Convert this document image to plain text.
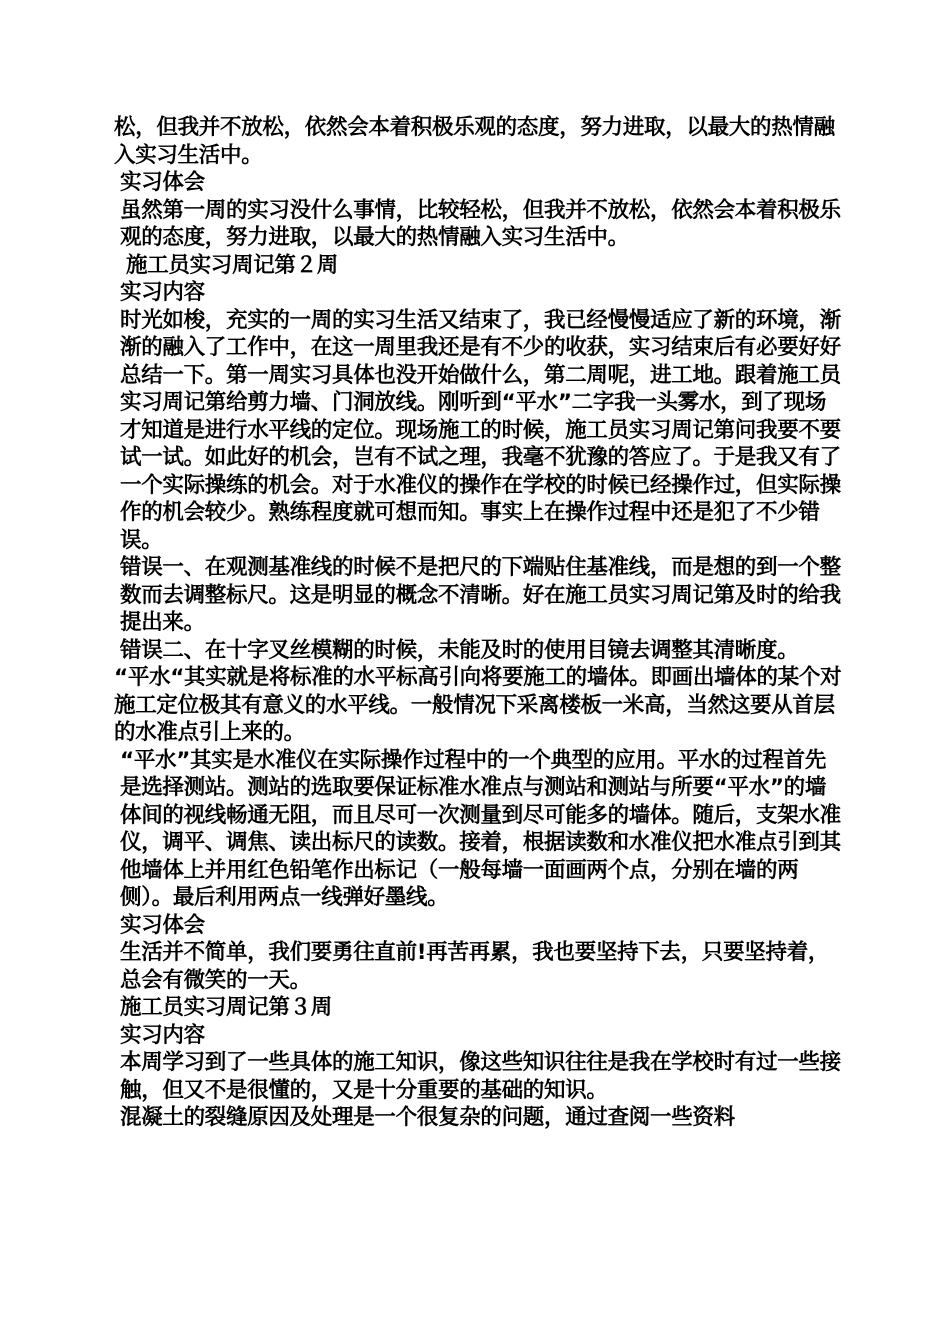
松，但我并不放松，依然会本着积极乐观的态度，努力进取，以最大的热情融入实习生活中。

实习体会

虽然第一周的实习没什么事情，比较轻松，但我并不放松，依然会本着积极乐观的态度，努力进取，以最大的热情融入实习生活中。

施工员实习周记第２周

实习内容

时光如梭，充实的一周的实习生活又结束了，我已经慢慢适应了新的环境，渐渐的融入了工作中，在这一周里我还是有不少的收获，实习结束后有必要好好总结一下。第一周实习具体也没开始做什么，第二周呢，进工地。跟着施工员实习周记第给剪力墙、门洞放线。刚听到“平水”二字我一头雾水，到了现场才知道是进行水平线的定位。现场施工的时候，施工员实习周记第问我要不要试一试。如此好的机会，岂有不试之理，我毫不犹豫的答应了。于是我又有了一个实际操练的机会。对于水准仪的操作在学校的时候已经操作过，但实际操作的机会较少。熟练程度就可想而知。事实上在操作过程中还是犯了不少错误。

错误一、在观测基准线的时候不是把尺的下端贴住基准线，而是想的到一个整数而去调整标尺。这是明显的概念不清晰。好在施工员实习周记第及时的给我提出来。

错误二、在十字叉丝模糊的时候，未能及时的使用目镜去调整其清晰度。

“平水“其实就是将标准的水平标高引向将要施工的墙体。即画出墙体的某个对施工定位极其有意义的水平线。一般情况下采离楼板一米高，当然这要从首层的水准点引上来的。

“平水”其实是水准仪在实际操作过程中的一个典型的应用。平水的过程首先是选择测站。测站的选取要保证标准水准点与测站和测站与所要“平水”的墙体间的视线畅通无阻，而且尽可一次测量到尽可能多的墙体。随后，支架水准仪，调平、调焦、读出标尺的读数。接着，根据读数和水准仪把水准点引到其他墙体上并用红色铅笔作出标记（一般每墙一面画两个点，分别在墙的两侧）。最后利用两点一线弹好墨线。

实习体会

生活并不简单，我们要勇往直前!再苦再累，我也要坚持下去，只要坚持着，总会有微笑的一天。

施工员实习周记第３周

实习内容

本周学习到了一些具体的施工知识，像这些知识往往是我在学校时有过一些接触，但又不是很懂的，又是十分重要的基础的知识。

混凝土的裂缝原因及处理是一个很复杂的问题，通过查阅一些资料
